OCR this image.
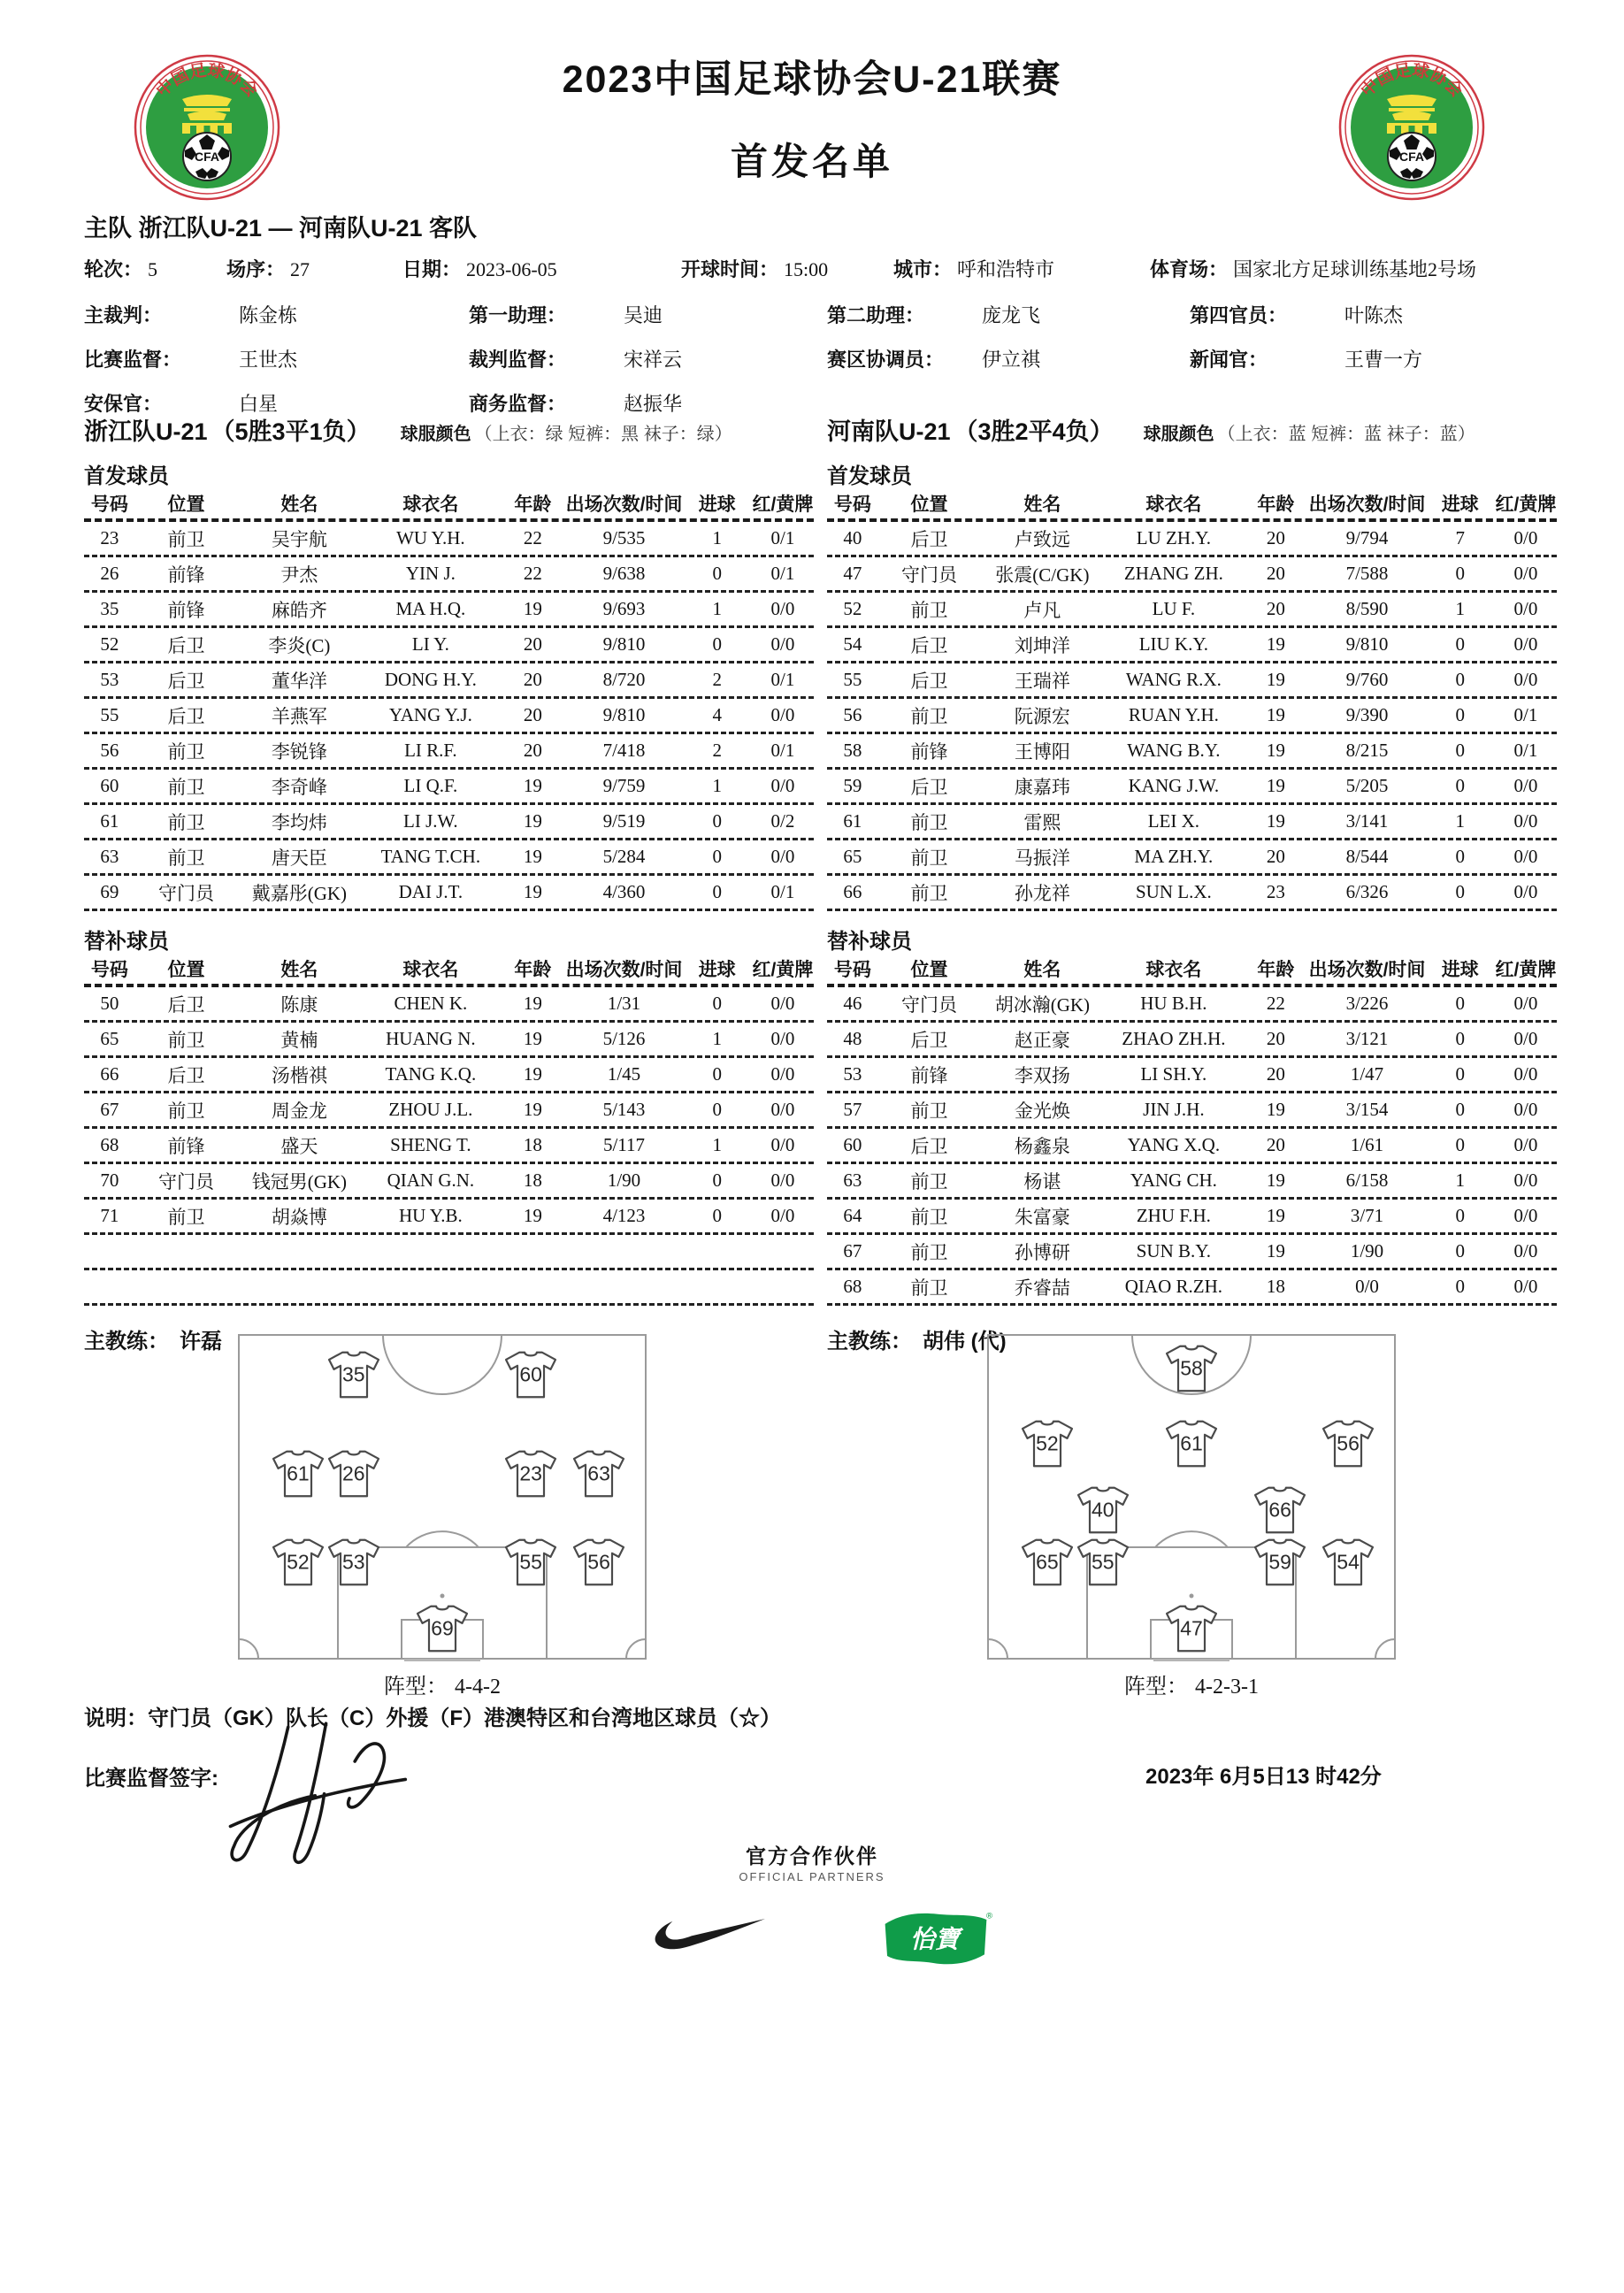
中国足球协会
CFA
中国足球协会
CFA
2023中国足球协会U-21联赛
首发名单
主队 浙江队U-21 — 河南队U-21 客队
轮次： 5	场序： 27	日期： 2023-06-05	开球时间： 15:00	城市： 呼和浩特市	体育场： 国家北方足球训练基地2号场
主裁判：	陈金栋	第一助理：	吴迪	第二助理：	庞龙飞	第四官员：	叶陈杰
比赛监督：	王世杰	裁判监督：	宋祥云	赛区协调员： 伊立祺	新闻官：	王曹一方
安保官：	白星	商务监督：	赵振华
浙江队U-21 （5胜3平1负） 球服颜色 （上衣：绿 短裤：黑 袜子：绿）
首发球员
号码	位置	姓名	球衣名	年龄 出场次数/时间 进球 红/黄牌
23	前卫	吴宇航	WU Y.H.	22	9/535	1	0/1
26	前锋	尹杰	YIN J.	22	9/638	0	0/1
35	前锋	麻皓齐	MA H.Q.	19	9/693	1	0/0
52	后卫	李炎(C)	LI Y.	20	9/810	0	0/0
53	后卫	董华洋	DONG H.Y.	20	8/720	2	0/1
55	后卫	羊燕军	YANG Y.J.	20	9/810	4	0/0
56	前卫	李锐锋	LI R.F.	20	7/418	2	0/1
60	前卫	李奇峰	LI Q.F.	19	9/759	1	0/0
61	前卫	李均炜	LI J.W.	19	9/519	0	0/2
63	前卫	唐天臣	TANG T.CH.	19	5/284	0	0/0
69	守门员	戴嘉彤(GK)	DAI J.T.	19	4/360	0	0/1
替补球员
号码	位置	姓名	球衣名	年龄 出场次数/时间 进球 红/黄牌
50	后卫	陈康	CHEN K.	19	1/31	0	0/0
65	前卫	黄楠	HUANG N.	19	5/126	1	0/0
66	后卫	汤楷祺	TANG K.Q.	19	1/45	0	0/0
67	前卫	周金龙	ZHOU J.L.	19	5/143	0	0/0
68	前锋	盛天	SHENG T.	18	5/117	1	0/0
70	守门员	钱冠男(GK)	QIAN G.N.	18	1/90	0	0/0
71	前卫	胡焱博	HU Y.B.	19	4/123	0	0/0
主教练： 许磊
河南队U-21 （3胜2平4负） 球服颜色 （上衣：蓝 短裤：蓝 袜子：蓝）
首发球员
号码	位置	姓名	球衣名	年龄 出场次数/时间 进球 红/黄牌
40	后卫	卢致远	LU ZH.Y.	20	9/794	7	0/0
47	守门员	张震(C/GK)	ZHANG ZH.	20	7/588	0	0/0
52	前卫	卢凡	LU F.	20	8/590	1	0/0
54	后卫	刘坤洋	LIU K.Y.	19	9/810	0	0/0
55	后卫	王瑞祥	WANG R.X.	19	9/760	0	0/0
56	前卫	阮源宏	RUAN Y.H.	19	9/390	0	0/1
58	前锋	王博阳	WANG B.Y.	19	8/215	0	0/1
59	后卫	康嘉玮	KANG J.W.	19	5/205	0	0/0
61	前卫	雷熙	LEI X.	19	3/141	1	0/0
65	前卫	马振洋	MA ZH.Y.	20	8/544	0	0/0
66	前卫	孙龙祥	SUN L.X.	23	6/326	0	0/0
替补球员
号码	位置	姓名	球衣名	年龄 出场次数/时间 进球 红/黄牌
46	守门员	胡冰瀚(GK)	HU B.H.	22	3/226	0	0/0
48	后卫	赵正豪	ZHAO ZH.H.	20	3/121	0	0/0
53	前锋	李双扬	LI SH.Y.	20	1/47	0	0/0
57	前卫	金光焕	JIN J.H.	19	3/154	0	0/0
60	后卫	杨鑫泉	YANG X.Q.	20	1/61	0	0/0
63	前卫	杨谌	YANG CH.	19	6/158	1	0/0
64	前卫	朱富豪	ZHU F.H.	19	3/71	0	0/0
67	前卫	孙博研	SUN B.Y.	19	1/90	0	0/0
68	前卫	乔睿喆	QIAO R.ZH.	18	0/0	0	0/0
主教练： 胡伟 (代)
35	60
61	26	23	63
52	53	55	56
69
58
52	61	56
40	66
65	55	59	54
47
阵型： 4-4-2	阵型： 4-2-3-1
说明：守门员（GK）队长（C）外援（F）港澳特区和台湾地区球员（☆）
比赛监督签字:	2023年 6月5日13 时42分
官方合作伙伴
OFFICIAL PARTNERS
怡寶
®
